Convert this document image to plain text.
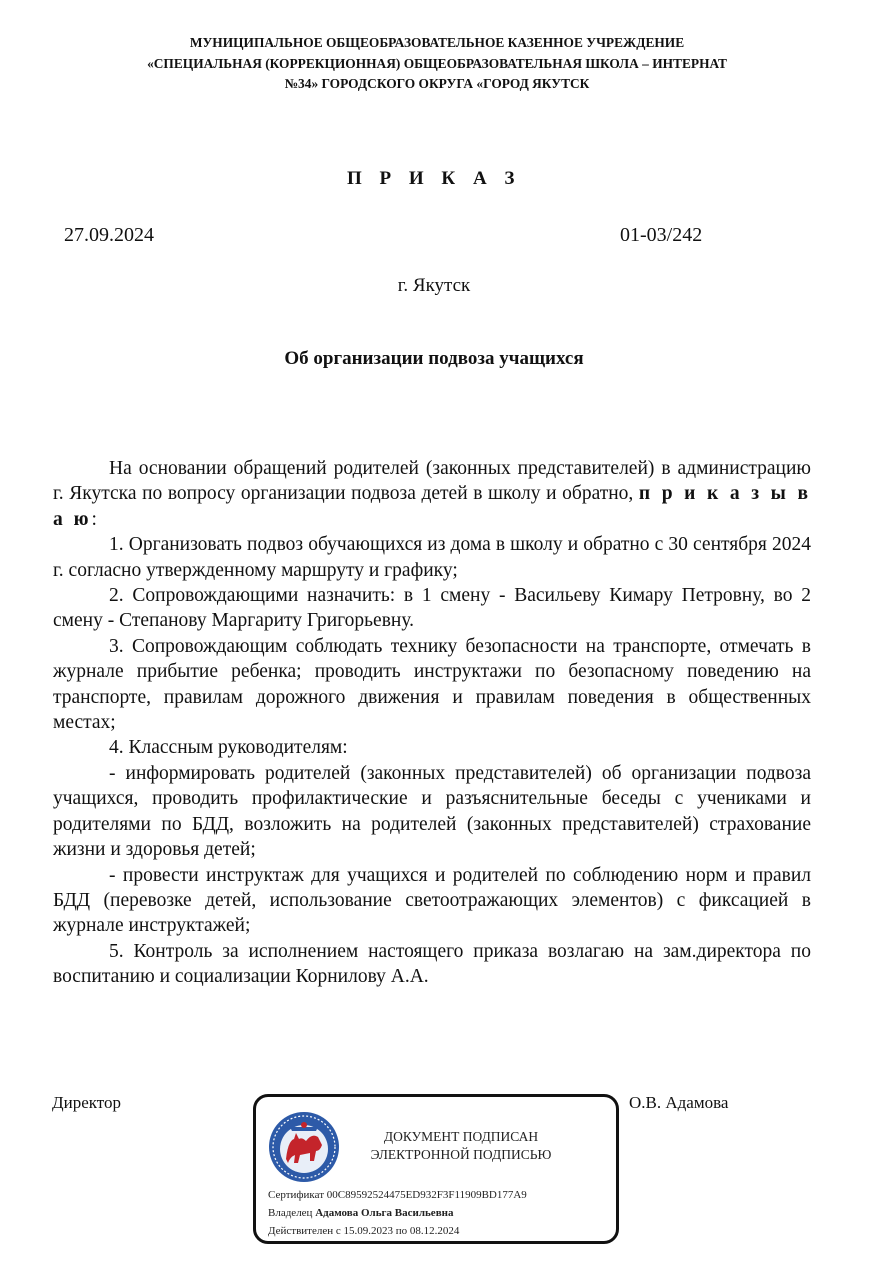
МУНИЦИПАЛЬНОЕ ОБЩЕОБРАЗОВАТЕЛЬНОЕ КАЗЕННОЕ УЧРЕЖДЕНИЕ
«СПЕЦИАЛЬНАЯ (КОРРЕКЦИОННАЯ) ОБЩЕОБРАЗОВАТЕЛЬНАЯ ШКОЛА – ИНТЕРНАТ
№34» ГОРОДСКОГО ОКРУГА «ГОРОД ЯКУТСК
П Р И К А З
27.09.2024	01-03/242
г. Якутск
Об организации подвоза учащихся

На основании обращений родителей (законных представителей) в администрацию г. Якутска по вопросу организации подвоза детей в школу и обратно, п р и к а з ы в а ю:

1. Организовать подвоз обучающихся из дома в школу и обратно с 30 сентября 2024 г. согласно утвержденному маршруту и графику;

2. Сопровождающими назначить: в 1 смену - Васильеву Кимару Петровну, во 2 смену - Степанову Маргариту Григорьевну.

3. Сопровождающим соблюдать технику безопасности на транспорте, отмечать в журнале прибытие ребенка; проводить инструктажи по безопасному поведению на транспорте, правилам дорожного движения и правилам поведения в общественных местах;

4. Классным руководителям:

- информировать родителей (законных представителей) об организации подвоза учащихся, проводить профилактические и разъяснительные беседы с учениками и родителями по БДД, возложить на родителей (законных представителей) страхование жизни и здоровья детей;

- провести инструктаж для учащихся и родителей по соблюдению норм и правил БДД (перевозке детей, использование светоотражающих элементов) с фиксацией в журнале инструктажей;

5. Контроль за исполнением настоящего приказа возлагаю на зам.директора по воспитанию и социализации Корнилову А.А.

Директор	О.В. Адамова
ДОКУМЕНТ ПОДПИСАН
ЭЛЕКТРОННОЙ ПОДПИСЬЮ
Сертификат 00C89592524475ED932F3F11909BD177A9
Владелец Адамова Ольга Васильевна
Действителен с 15.09.2023 по 08.12.2024
